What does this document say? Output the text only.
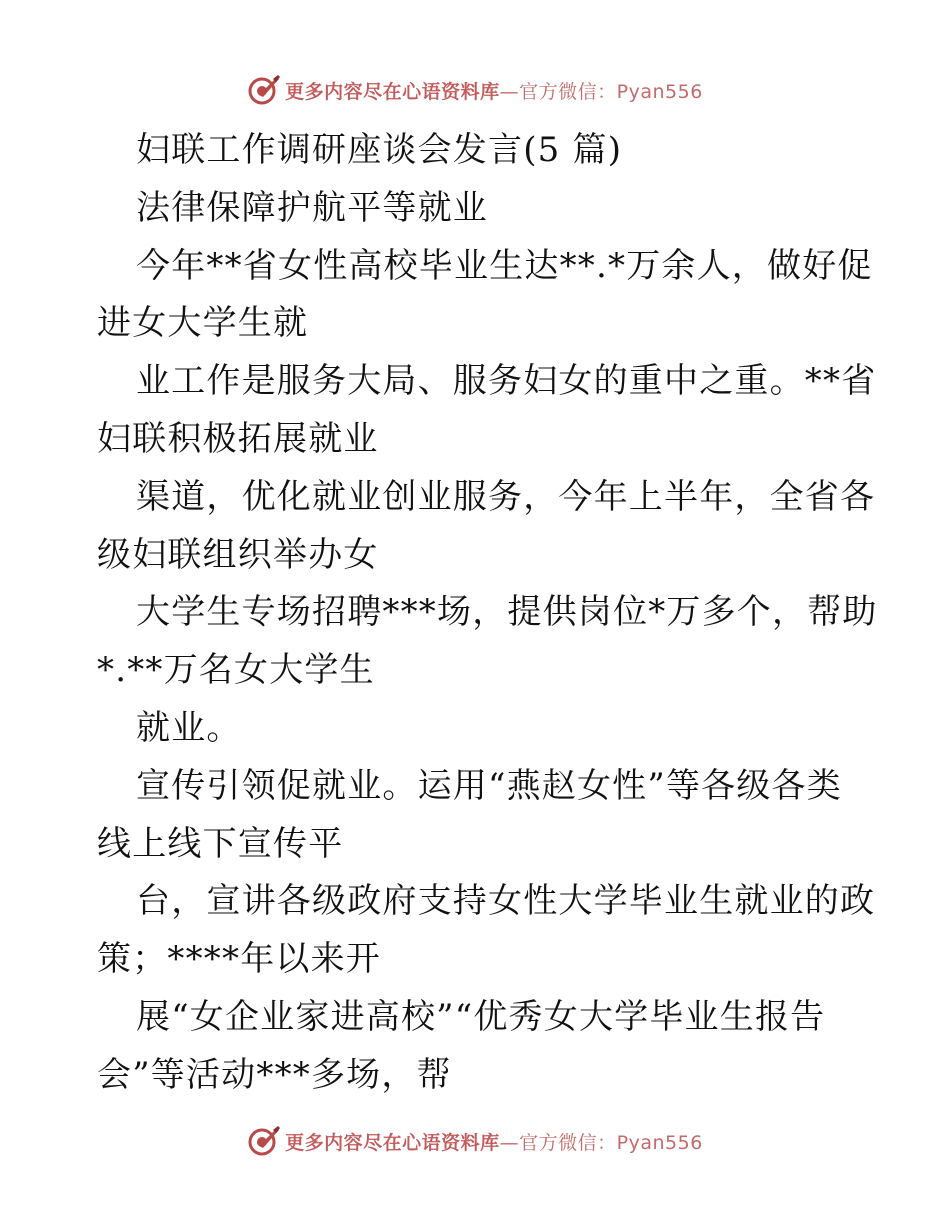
更多内容尽在心语资料库—官方微信：Pyan556
妇联工作调研座谈会发言(5 篇)
法律保障护航平等就业
今年**省女性高校毕业生达**.*万余人，做好促
进女大学生就
业工作是服务大局、服务妇女的重中之重。**省
妇联积极拓展就业
渠道，优化就业创业服务，今年上半年，全省各
级妇联组织举办女
大学生专场招聘***场，提供岗位*万多个，帮助
*.**万名女大学生
就业。
宣传引领促就业。运用“燕赵女性”等各级各类
线上线下宣传平
台，宣讲各级政府支持女性大学毕业生就业的政
策；****年以来开
展“女企业家进高校”“优秀女大学毕业生报告
会”等活动***多场，帮
更多内容尽在心语资料库—官方微信：Pyan556
